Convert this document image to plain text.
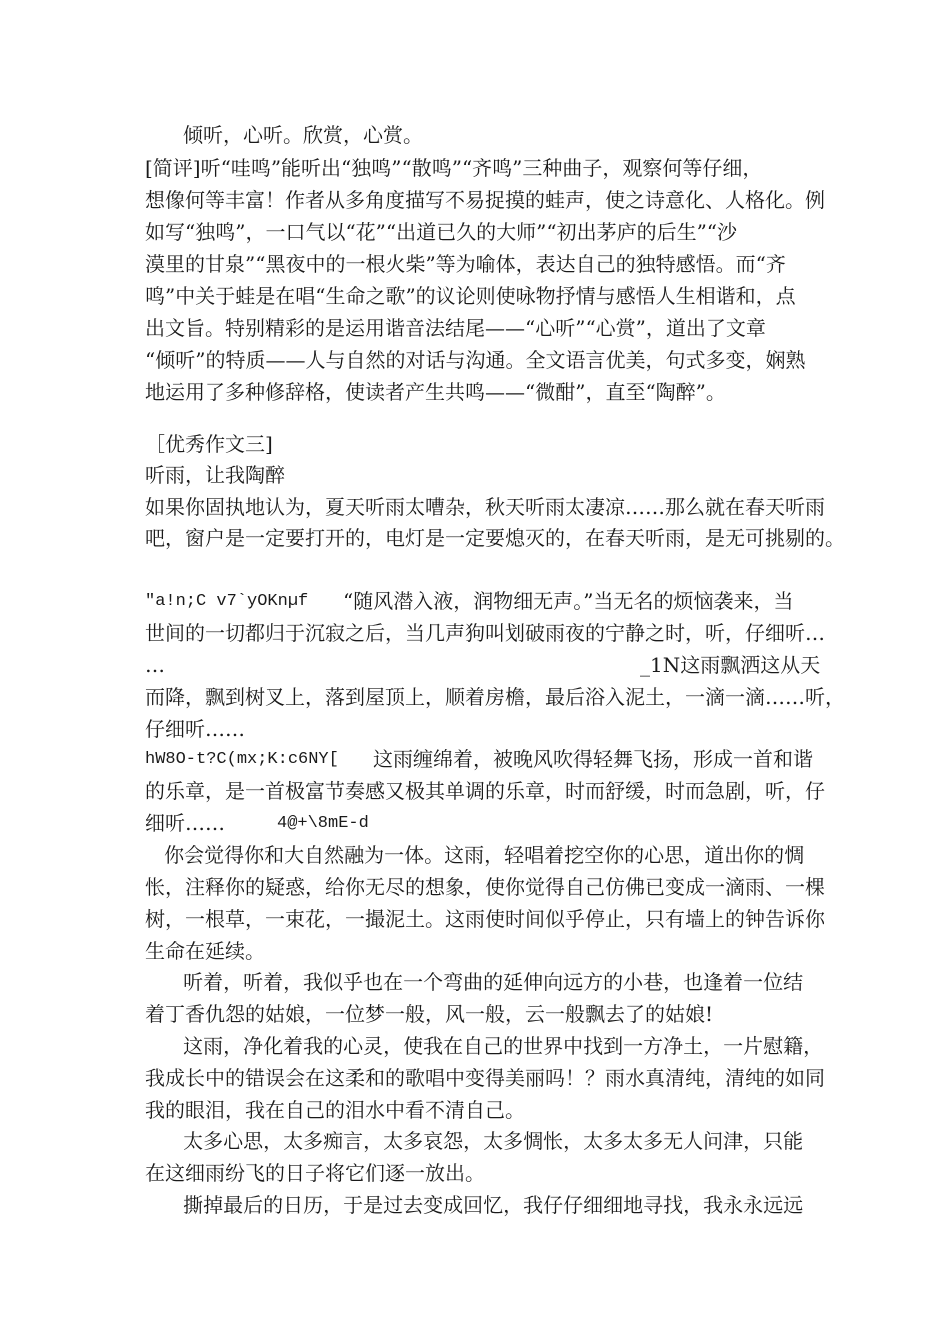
倾听，心听。欣赏，心赏。
[简评]听“哇鸣”能听出“独鸣”“散鸣”“齐鸣”三种曲子，观察何等仔细，
想像何等丰富！作者从多角度描写不易捉摸的蛙声，使之诗意化、人格化。例
如写“独鸣”，一口气以“花”“出道已久的大师”“初出茅庐的后生”“沙
漠里的甘泉”“黑夜中的一根火柴”等为喻体，表达自己的独特感悟。而“齐
鸣”中关于蛙是在唱“生命之歌”的议论则使咏物抒情与感悟人生相谐和，点
出文旨。特别精彩的是运用谐音法结尾——“心听”“心赏”，道出了文章
“倾听”的特质——人与自然的对话与沟通。全文语言优美，句式多变，娴熟
地运用了多种修辞格，使读者产生共鸣——“微酣”，直至“陶醉”。
［优秀作文三]
听雨，让我陶醉
如果你固执地认为，夏天听雨太嘈杂，秋天听雨太凄凉……那么就在春天听雨
吧，窗户是一定要打开的，电灯是一定要熄灭的，在春天听雨，是无可挑剔的。
"a!n;C v7`yOKnµf “随风潜入液，润物细无声。”当无名的烦恼袭来，当
世间的一切都归于沉寂之后，当几声狗叫划破雨夜的宁静之时，听，仔细听…
…	_1N这雨飘洒这从天
而降，飘到树叉上，落到屋顶上，顺着房檐，最后浴入泥土，一滴一滴……听，
仔细听……
hW8O-t?C(mx;K:c6NY[ 这雨缠绵着，被晚风吹得轻舞飞扬，形成一首和谐
的乐章，是一首极富节奏感又极其单调的乐章，时而舒缓，时而急剧，听，仔
细听……	4@+\8mE-d
你会觉得你和大自然融为一体。这雨，轻唱着挖空你的心思，道出你的惆
怅，注释你的疑惑，给你无尽的想象，使你觉得自己仿佛已变成一滴雨、一棵
树，一根草，一束花，一撮泥土。这雨使时间似乎停止，只有墙上的钟告诉你
生命在延续。
听着，听着，我似乎也在一个弯曲的延伸向远方的小巷，也逢着一位结
着丁香仇怨的姑娘，一位梦一般，风一般，云一般飘去了的姑娘!
这雨，净化着我的心灵，使我在自己的世界中找到一方净土，一片慰籍，
我成长中的错误会在这柔和的歌唱中变得美丽吗！？雨水真清纯，清纯的如同
我的眼泪，我在自己的泪水中看不清自己。
太多心思，太多痴言，太多哀怨，太多惆怅，太多太多无人问津，只能
在这细雨纷飞的日子将它们逐一放出。
撕掉最后的日历，于是过去变成回忆，我仔仔细细地寻找，我永永远远
